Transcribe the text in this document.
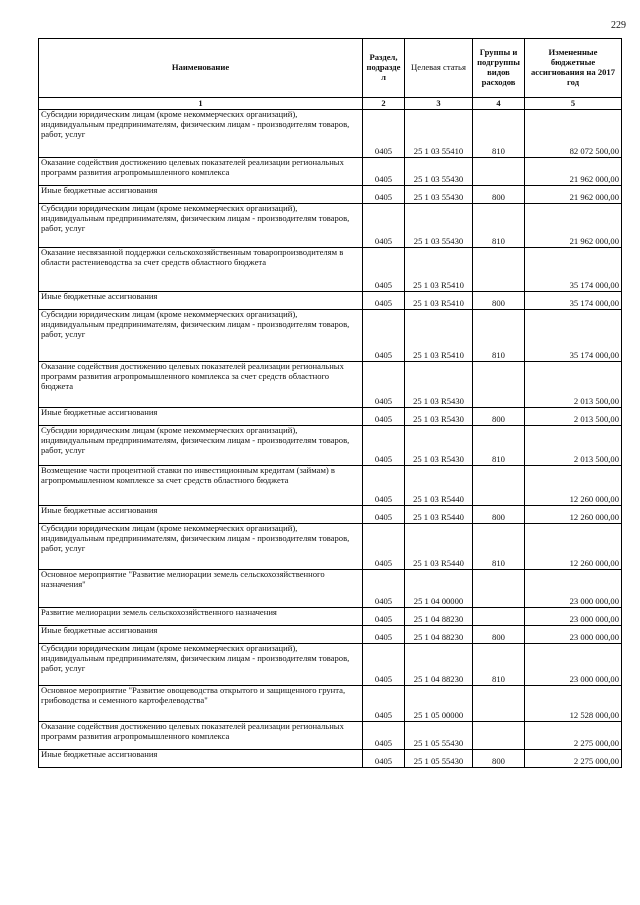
229
Наименование	Раздел, подразде л	Целевая статья	Группы и подгруппы видов расходов	Измененные бюджетные ассигнования на 2017 год
1	2	3	4	5
Субсидии юридическим лицам (кроме некоммерческих организаций), индивидуальным предпринимателям, физическим лицам - производителям товаров, работ, услуг	0405	25 1 03 55410	810	82 072 500,00
Оказание содействия достижению целевых показателей реализации региональных программ развития агропромышленного комплекса	0405	25 1 03 55430		21 962 000,00
Иные бюджетные ассигнования	0405	25 1 03 55430	800	21 962 000,00
Субсидии юридическим лицам (кроме некоммерческих организаций), индивидуальным предпринимателям, физическим лицам - производителям товаров, работ, услуг	0405	25 1 03 55430	810	21 962 000,00
Оказание несвязанной поддержки сельскохозяйственным товаропроизводителям в области растениеводства за счет средств областного бюджета	0405	25 1 03 R5410		35 174 000,00
Иные бюджетные ассигнования	0405	25 1 03 R5410	800	35 174 000,00
Субсидии юридическим лицам (кроме некоммерческих организаций), индивидуальным предпринимателям, физическим лицам - производителям товаров, работ, услуг	0405	25 1 03 R5410	810	35 174 000,00
Оказание содействия достижению целевых показателей реализации региональных программ развития агропромышленного комплекса за счет средств областного бюджета	0405	25 1 03 R5430		2 013 500,00
Иные бюджетные ассигнования	0405	25 1 03 R5430	800	2 013 500,00
Субсидии юридическим лицам (кроме некоммерческих организаций), индивидуальным предпринимателям, физическим лицам - производителям товаров, работ, услуг	0405	25 1 03 R5430	810	2 013 500,00
Возмещение части процентной ставки по инвестиционным кредитам (займам) в агропромышленном комплексе за счет средств областного бюджета	0405	25 1 03 R5440		12 260 000,00
Иные бюджетные ассигнования	0405	25 1 03 R5440	800	12 260 000,00
Субсидии юридическим лицам (кроме некоммерческих организаций), индивидуальным предпринимателям, физическим лицам - производителям товаров, работ, услуг	0405	25 1 03 R5440	810	12 260 000,00
Основное мероприятие "Развитие мелиорации земель сельскохозяйственного назначения"	0405	25 1 04 00000		23 000 000,00
Развитие мелиорации земель сельскохозяйственного назначения	0405	25 1 04 88230		23 000 000,00
Иные бюджетные ассигнования	0405	25 1 04 88230	800	23 000 000,00
Субсидии юридическим лицам (кроме некоммерческих организаций), индивидуальным предпринимателям, физическим лицам - производителям товаров, работ, услуг	0405	25 1 04 88230	810	23 000 000,00
Основное мероприятие "Развитие овощеводства открытого и защищенного грунта, грибоводства и семенного картофелеводства"	0405	25 1 05 00000		12 528 000,00
Оказание содействия достижению целевых показателей реализации региональных программ развития агропромышленного комплекса	0405	25 1 05 55430		2 275 000,00
Иные бюджетные ассигнования	0405	25 1 05 55430	800	2 275 000,00
